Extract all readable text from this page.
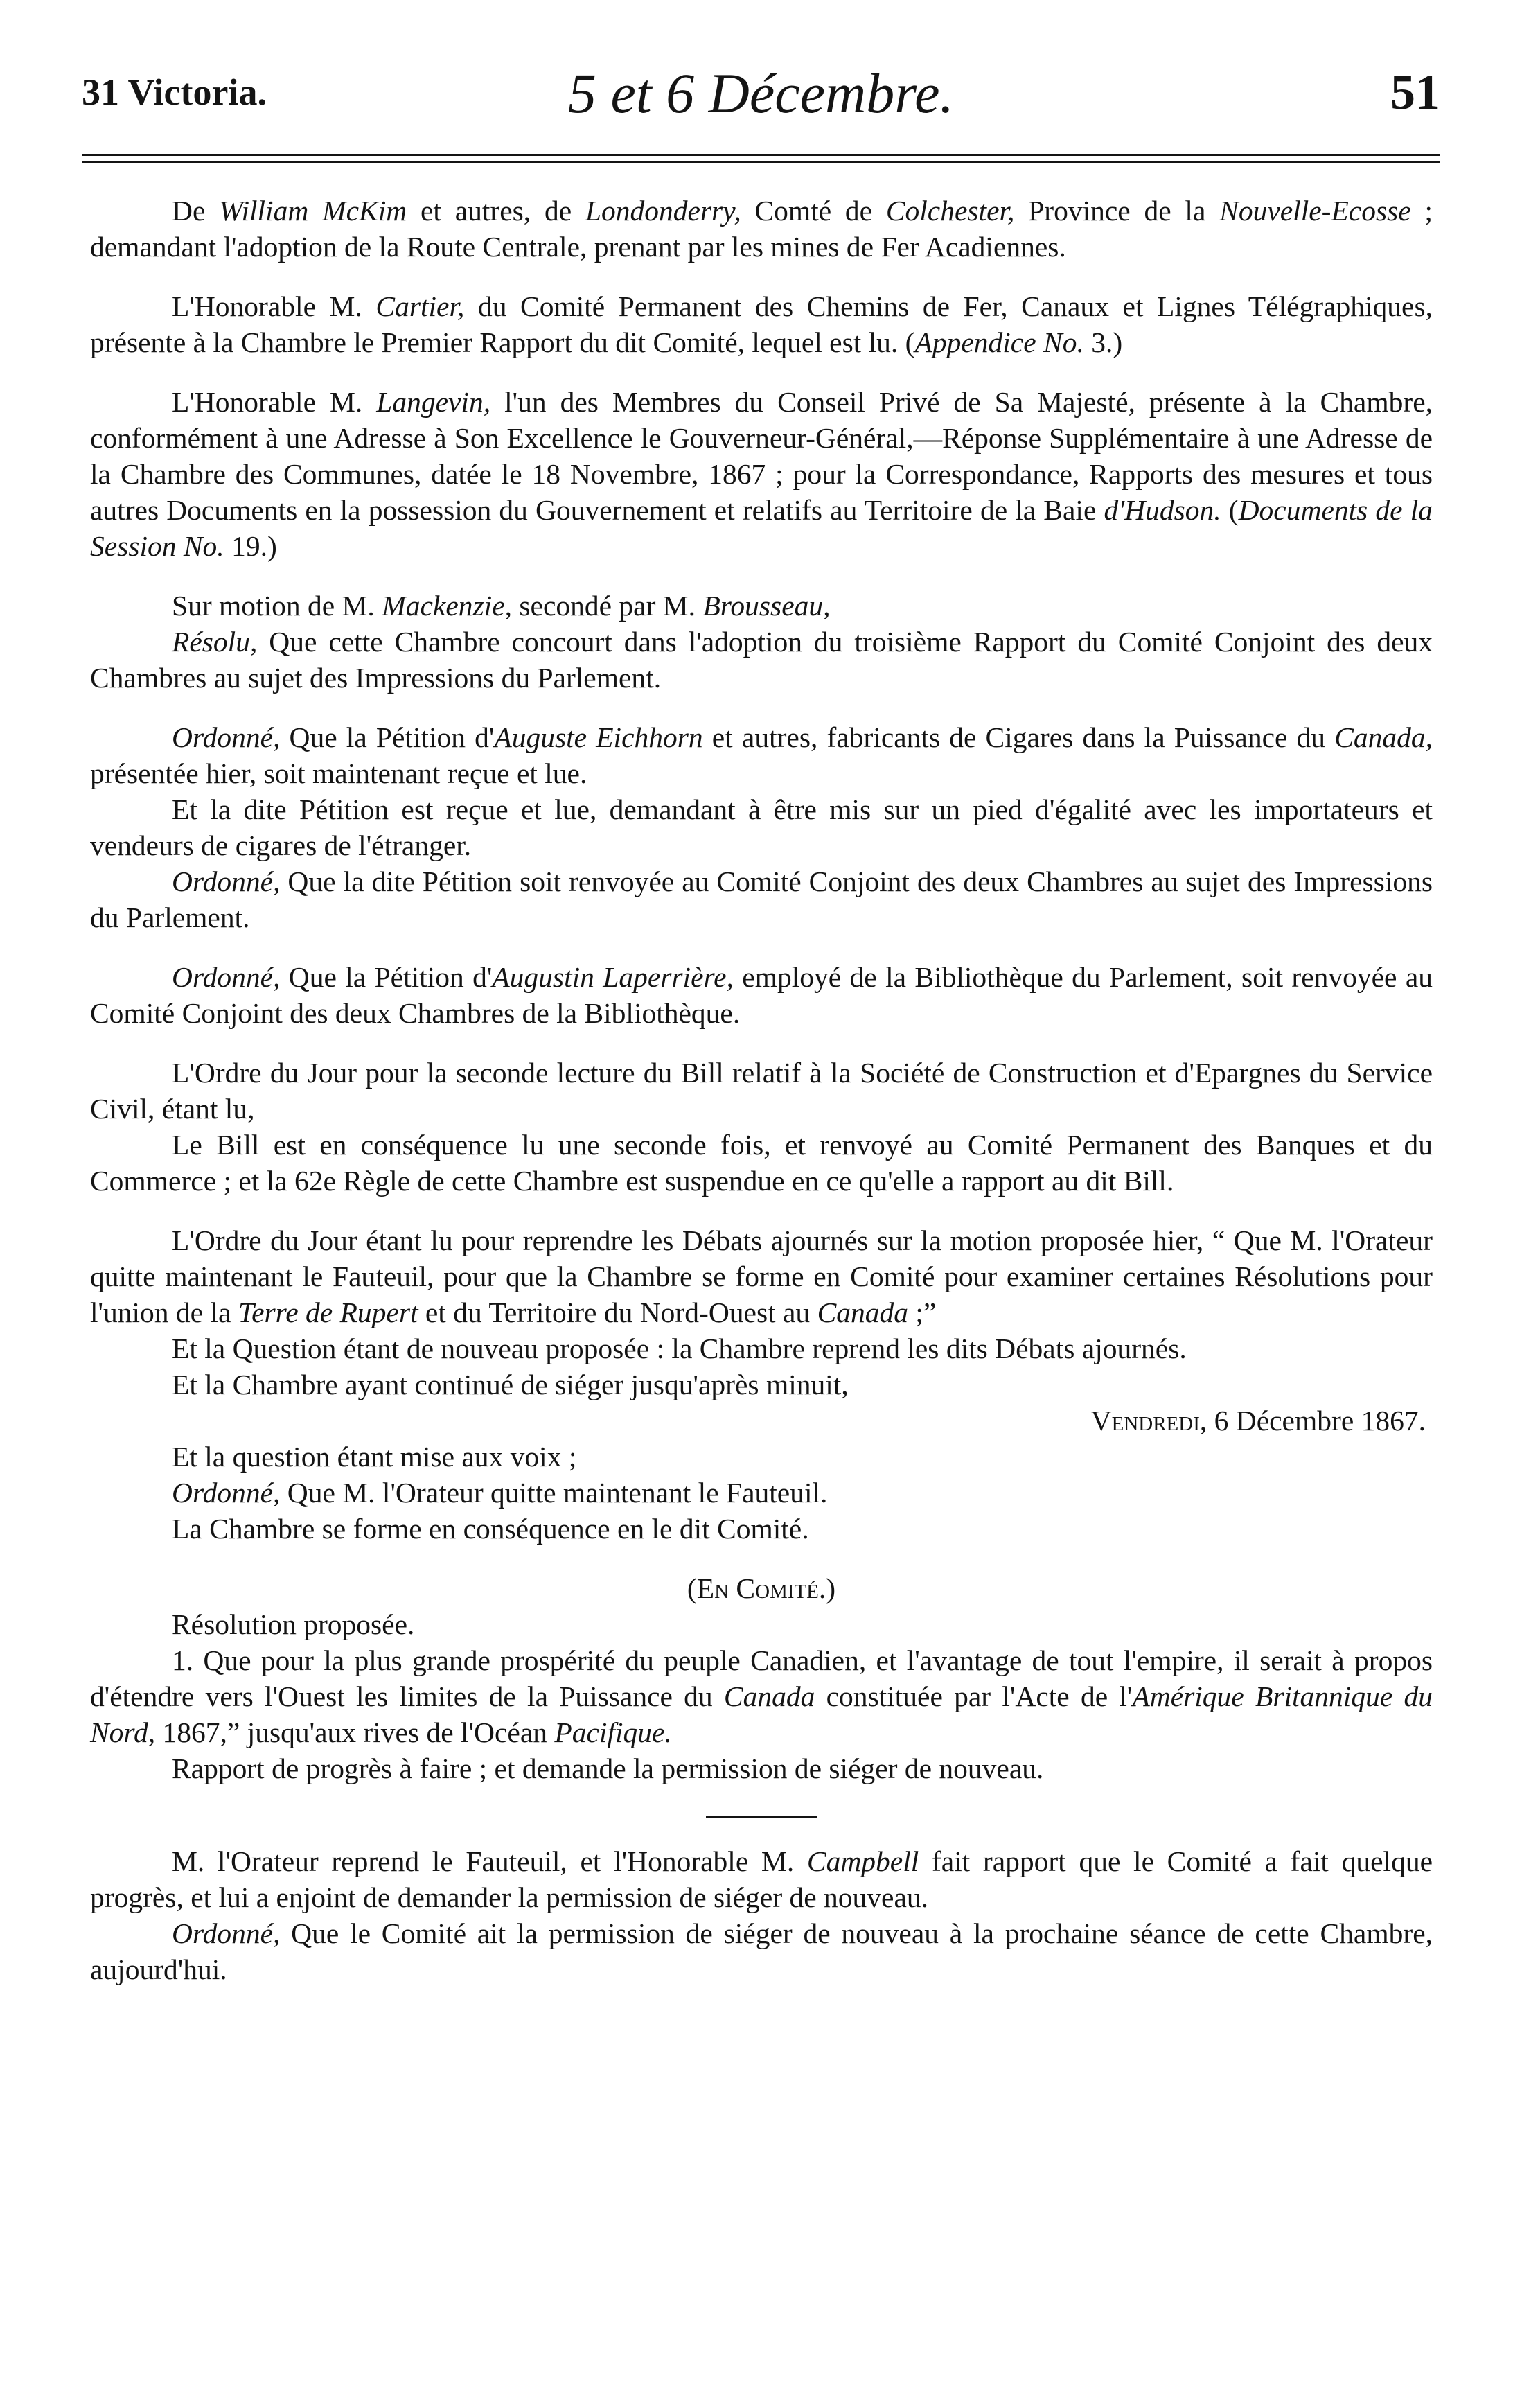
31 Victoria.	5 et 6 Décembre.	51

De William McKim et autres, de Londonderry, Comté de Colchester, Province de la Nouvelle-Ecosse ; demandant l'adoption de la Route Centrale, prenant par les mines de Fer Acadiennes.

L'Honorable M. Cartier, du Comité Permanent des Chemins de Fer, Canaux et Lignes Télégraphiques, présente à la Chambre le Premier Rapport du dit Comité, lequel est lu. (Appendice No. 3.)

L'Honorable M. Langevin, l'un des Membres du Conseil Privé de Sa Majesté, présente à la Chambre, conformément à une Adresse à Son Excellence le Gouverneur-Général,—Réponse Supplémentaire à une Adresse de la Chambre des Communes, datée le 18 Novembre, 1867 ; pour la Correspondance, Rapports des mesures et tous autres Documents en la possession du Gouvernement et relatifs au Territoire de la Baie d'Hudson. (Documents de la Session No. 19.)

Sur motion de M. Mackenzie, secondé par M. Brousseau,

Résolu, Que cette Chambre concourt dans l'adoption du troisième Rapport du Comité Conjoint des deux Chambres au sujet des Impressions du Parlement.

Ordonné, Que la Pétition d'Auguste Eichhorn et autres, fabricants de Cigares dans la Puissance du Canada, présentée hier, soit maintenant reçue et lue.

Et la dite Pétition est reçue et lue, demandant à être mis sur un pied d'égalité avec les importateurs et vendeurs de cigares de l'étranger.

Ordonné, Que la dite Pétition soit renvoyée au Comité Conjoint des deux Chambres au sujet des Impressions du Parlement.

Ordonné, Que la Pétition d'Augustin Laperrière, employé de la Bibliothèque du Parlement, soit renvoyée au Comité Conjoint des deux Chambres de la Bibliothèque.

L'Ordre du Jour pour la seconde lecture du Bill relatif à la Société de Construction et d'Epargnes du Service Civil, étant lu,

Le Bill est en conséquence lu une seconde fois, et renvoyé au Comité Permanent des Banques et du Commerce ; et la 62e Règle de cette Chambre est suspendue en ce qu'elle a rapport au dit Bill.

L'Ordre du Jour étant lu pour reprendre les Débats ajournés sur la motion proposée hier, “ Que M. l'Orateur quitte maintenant le Fauteuil, pour que la Chambre se forme en Comité pour examiner certaines Résolutions pour l'union de la Terre de Rupert et du Territoire du Nord-Ouest au Canada ;”

Et la Question étant de nouveau proposée : la Chambre reprend les dits Débats ajournés.

Et la Chambre ayant continué de siéger jusqu'après minuit,

Vendredi, 6 Décembre 1867.

Et la question étant mise aux voix ;

Ordonné, Que M. l'Orateur quitte maintenant le Fauteuil.

La Chambre se forme en conséquence en le dit Comité.

(En Comité.)

Résolution proposée.

1. Que pour la plus grande prospérité du peuple Canadien, et l'avantage de tout l'empire, il serait à propos d'étendre vers l'Ouest les limites de la Puissance du Canada constituée par l'Acte de l'Amérique Britannique du Nord, 1867,” jusqu'aux rives de l'Océan Pacifique.

Rapport de progrès à faire ; et demande la permission de siéger de nouveau.

M. l'Orateur reprend le Fauteuil, et l'Honorable M. Campbell fait rapport que le Comité a fait quelque progrès, et lui a enjoint de demander la permission de siéger de nouveau.

Ordonné, Que le Comité ait la permission de siéger de nouveau à la prochaine séance de cette Chambre, aujourd'hui.
